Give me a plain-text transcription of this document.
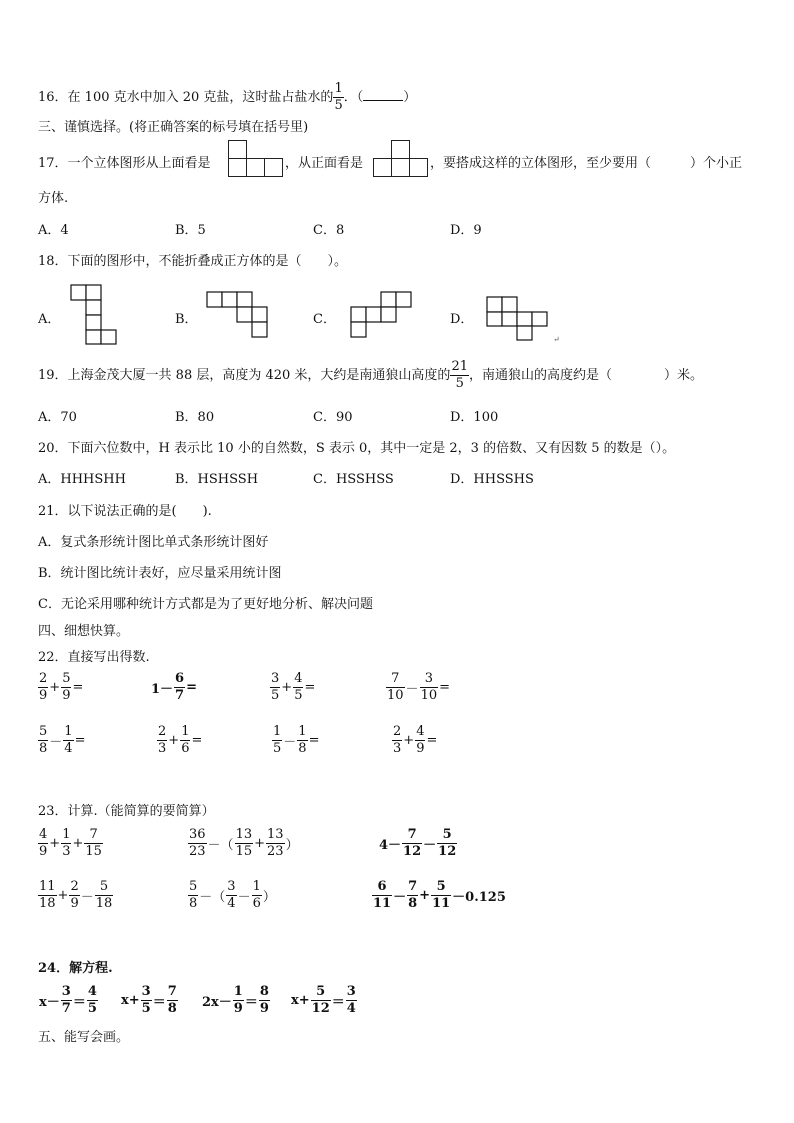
16．在 100 克水中加入 20 克盐，这时盐占盐水的 $\frac{1}{5}$ ．（	）
三、谨慎选择。(将正确答案的标号填在括号里)
17．一个立体图形从上面看是	，从正面看是	，要搭成这样的立体图形，至少要用（　　　）个小正
方体.
A．4	B．5	C．8	D．9
18．下面的图形中，不能折叠成正方体的是（　　）。
A．	B．	C．	D．
↵
19．上海金茂大厦一共 88 层，高度为 420 米，大约是南通狼山高度的 $\frac{21}{5}$ ，南通狼山的高度约是（　　　　）米。
A．70	B．80	C．90	D．100
20．下面六位数中，H 表示比 10 小的自然数，S 表示 0，其中一定是 2，3 的倍数、又有因数 5 的数是（）。
A．HHHSHH	B．HSHSSH	C．HSSHSS	D．HHSSHS
21．以下说法正确的是(　　).
A．复式条形统计图比单式条形统计图好
B．统计图比统计表好，应尽量采用统计图
C．无论采用哪种统计方式都是为了更好地分析、解决问题
四、细想快算。
22．直接写出得数.
$\frac{2}{9} + \frac{5}{9}$ =	$1- \frac{6}{7}$ =	$\frac{3}{5} + \frac{4}{5}$ =	$\frac{7}{10} - \frac{3}{10}$ =
$\frac{5}{8} - \frac{1}{4}$ =	$\frac{2}{3} + \frac{1}{6}$ =	$\frac{1}{5} - \frac{1}{8}$ =	$\frac{2}{3} + \frac{4}{9}$ =
23．计算.（能简算的要简算）
$\frac{4}{9} + \frac{1}{3} + \frac{7}{15}$	$\frac{36}{23}$ －（ $\frac{13}{15} + \frac{13}{23}$ ）	$4- \frac{7}{12} - \frac{5}{12}$
$\frac{11}{18} + \frac{2}{9} - \frac{5}{18}$	$\frac{5}{8}$ －（ $\frac{3}{4} - \frac{1}{6}$ ）	$\frac{6}{11} - \frac{7}{8} + \frac{5}{11} -0.125$
24．解方程.
$x- \frac{3}{7} = \frac{4}{5} x+ \frac{3}{5} = \frac{7}{8} 2x- \frac{1}{9} = \frac{8}{9} x+ \frac{5}{12} = \frac{3}{4}$
五、能写会画。
